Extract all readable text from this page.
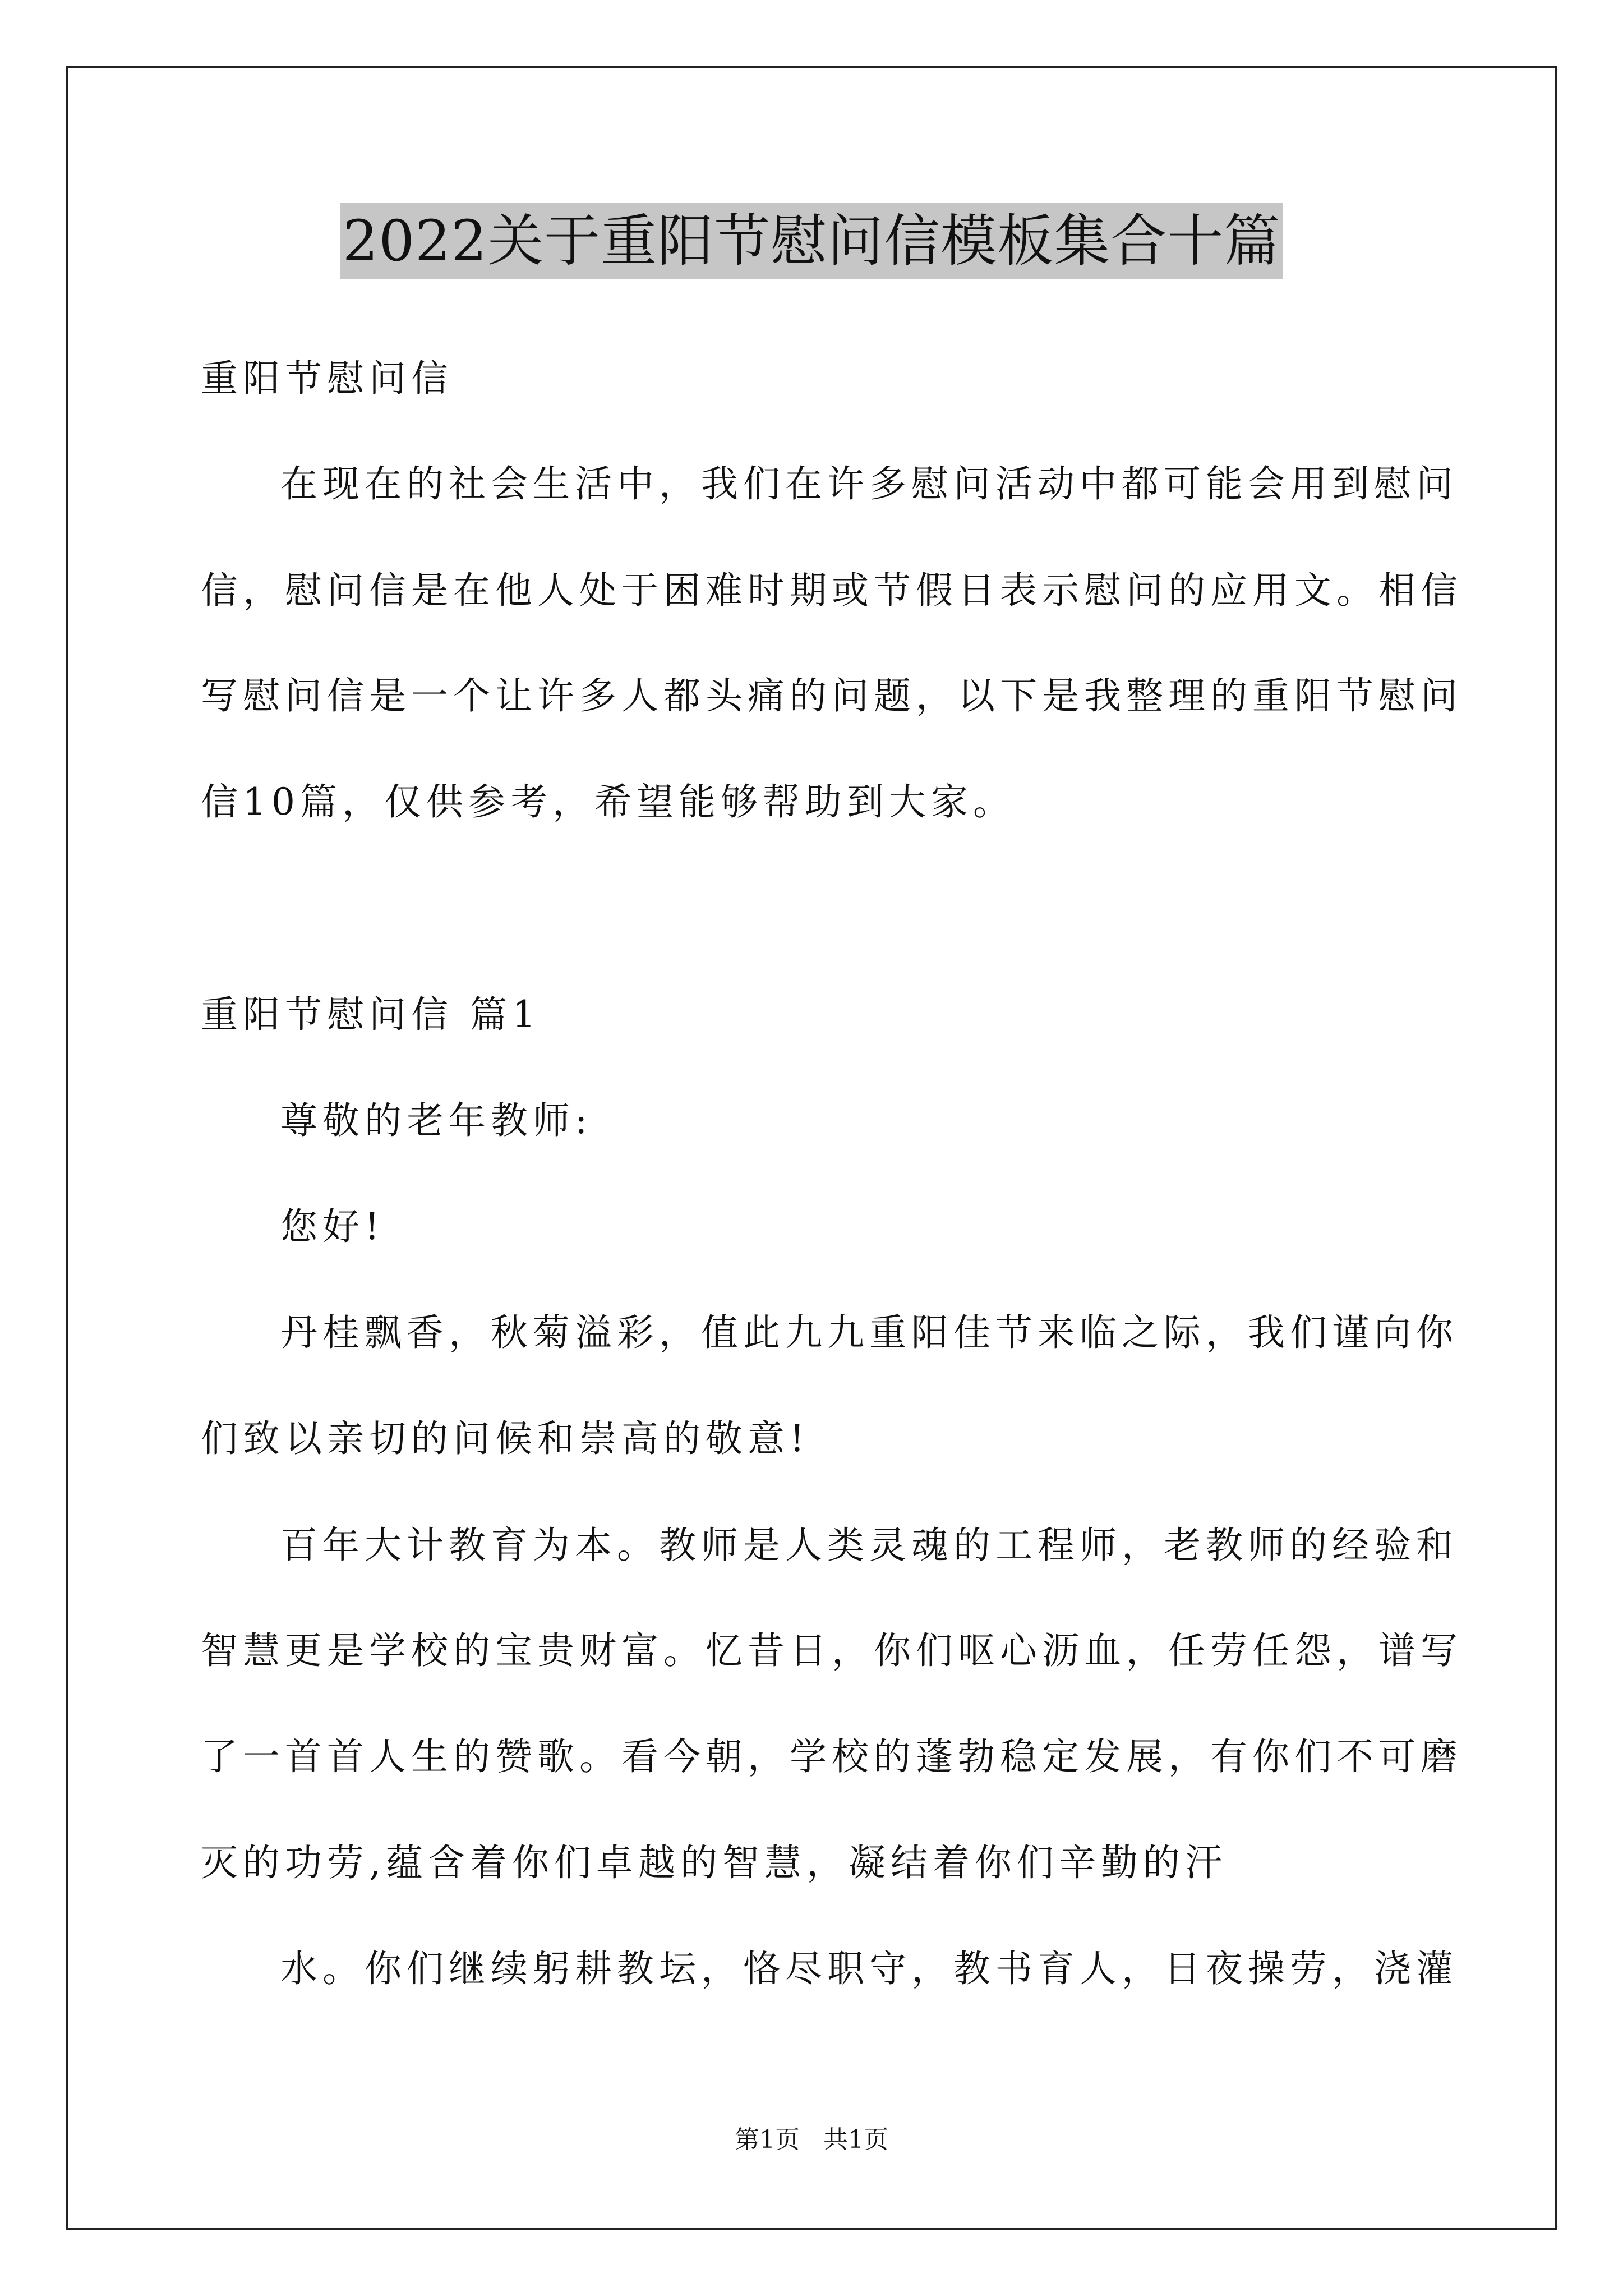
2022关于重阳节慰问信模板集合十篇
重阳节慰问信
在现在的社会生活中，我们在许多慰问活动中都可能会用到慰问
信，慰问信是在他人处于困难时期或节假日表示慰问的应用文。相信
写慰问信是一个让许多人都头痛的问题，以下是我整理的重阳节慰问
信10篇，仅供参考，希望能够帮助到大家。
重阳节慰问信 篇1
尊敬的老年教师:
您好!
丹桂飘香，秋菊溢彩，值此九九重阳佳节来临之际，我们谨向你
们致以亲切的问候和崇高的敬意!
百年大计教育为本。教师是人类灵魂的工程师，老教师的经验和
智慧更是学校的宝贵财富。忆昔日，你们呕心沥血，任劳任怨，谱写
了一首首人生的赞歌。看今朝，学校的蓬勃稳定发展，有你们不可磨
灭的功劳,蕴含着你们卓越的智慧，凝结着你们辛勤的汗
水。你们继续躬耕教坛，恪尽职守，教书育人，日夜操劳，浇灌
第1页   共1页
